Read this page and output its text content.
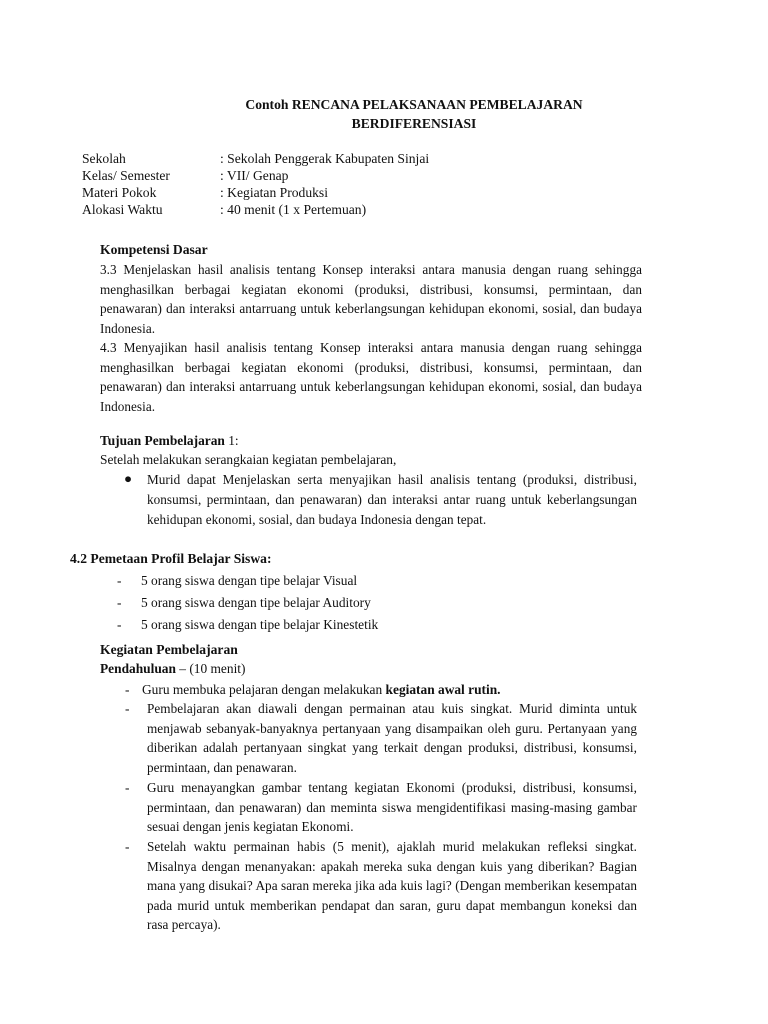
Contoh RENCANA PELAKSANAAN PEMBELAJARAN
BERDIFERENSIASI
Sekolah	: Sekolah Penggerak Kabupaten Sinjai
Kelas/ Semester	: VII/ Genap
Materi Pokok	: Kegiatan Produksi
Alokasi Waktu	: 40 menit (1 x Pertemuan)
Kompetensi Dasar
3.3 Menjelaskan hasil analisis tentang Konsep interaksi antara manusia dengan ruang sehingga menghasilkan berbagai kegiatan ekonomi (produksi, distribusi, konsumsi, permintaan, dan penawaran) dan interaksi antarruang untuk keberlangsungan kehidupan ekonomi, sosial, dan budaya Indonesia.
4.3 Menyajikan hasil analisis tentang Konsep interaksi antara manusia dengan ruang sehingga menghasilkan berbagai kegiatan ekonomi (produksi, distribusi, konsumsi, permintaan, dan penawaran) dan interaksi antarruang untuk keberlangsungan kehidupan ekonomi, sosial, dan budaya Indonesia.
Tujuan Pembelajaran 1:
Setelah melakukan serangkaian kegiatan pembelajaran,
● Murid dapat Menjelaskan serta menyajikan hasil analisis tentang (produksi, distribusi, konsumsi, permintaan, dan penawaran) dan interaksi antar ruang untuk keberlangsungan kehidupan ekonomi, sosial, dan budaya Indonesia dengan tepat.
4.2 Pemetaan Profil Belajar Siswa:
- 5 orang siswa dengan tipe belajar Visual
- 5 orang siswa dengan tipe belajar Auditory
- 5 orang siswa dengan tipe belajar Kinestetik
Kegiatan Pembelajaran
Pendahuluan – (10 menit)
- Guru membuka pelajaran dengan melakukan kegiatan awal rutin.
- Pembelajaran akan diawali dengan permainan atau kuis singkat. Murid diminta untuk menjawab sebanyak-banyaknya pertanyaan yang disampaikan oleh guru. Pertanyaan yang diberikan adalah pertanyaan singkat yang terkait dengan produksi, distribusi, konsumsi, permintaan, dan penawaran.
- Guru menayangkan gambar tentang kegiatan Ekonomi (produksi, distribusi, konsumsi, permintaan, dan penawaran) dan meminta siswa mengidentifikasi masing-masing gambar sesuai dengan jenis kegiatan Ekonomi.
- Setelah waktu permainan habis (5 menit), ajaklah murid melakukan refleksi singkat. Misalnya dengan menanyakan: apakah mereka suka dengan kuis yang diberikan? Bagian mana yang disukai? Apa saran mereka jika ada kuis lagi? (Dengan memberikan kesempatan pada murid untuk memberikan pendapat dan saran, guru dapat membangun koneksi dan rasa percaya).
